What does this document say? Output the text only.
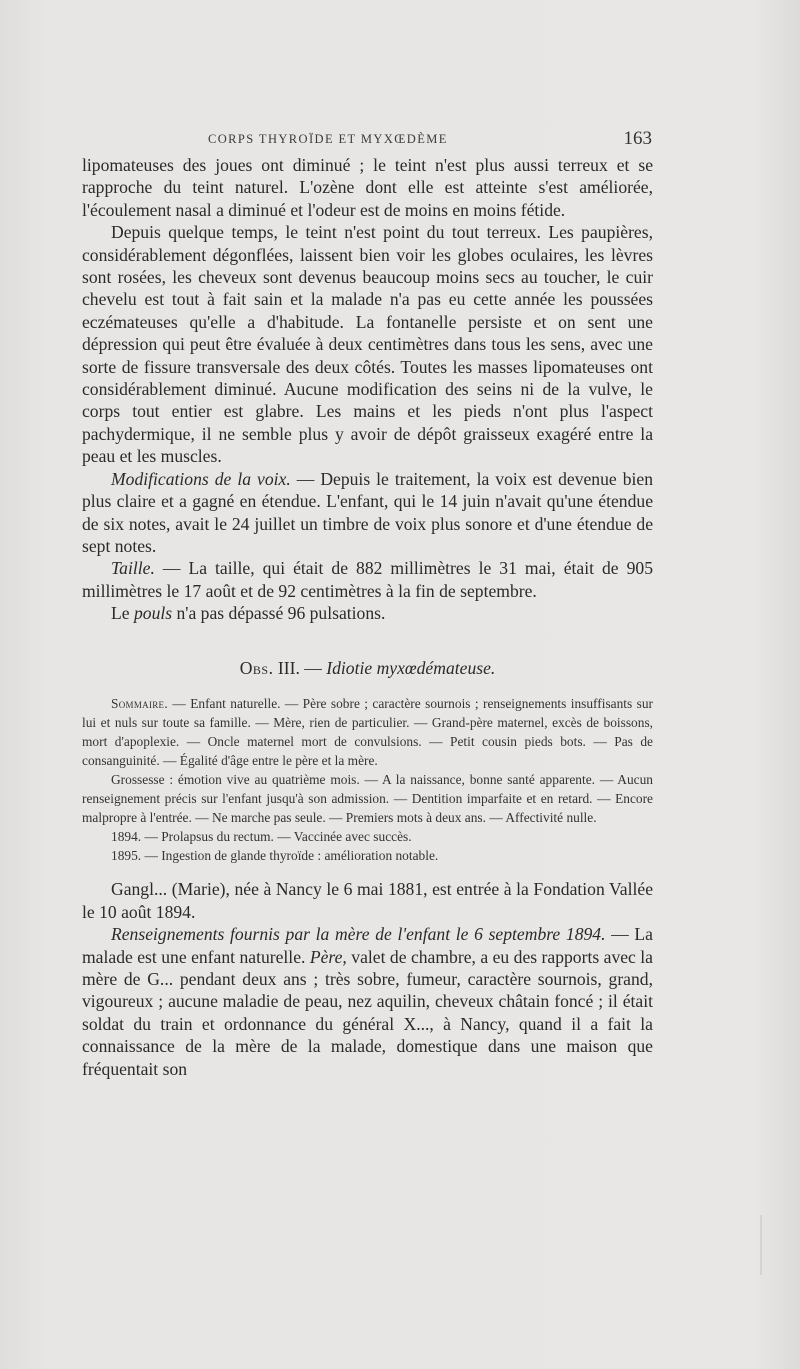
CORPS THYROÏDE ET MYXŒDÈME	163

lipomateuses des joues ont diminué ; le teint n'est plus aussi terreux et se rapproche du teint naturel. L'ozène dont elle est atteinte s'est améliorée, l'écoulement nasal a diminué et l'odeur est de moins en moins fétide.

Depuis quelque temps, le teint n'est point du tout terreux. Les paupières, considérablement dégonflées, laissent bien voir les globes oculaires, les lèvres sont rosées, les cheveux sont devenus beaucoup moins secs au toucher, le cuir chevelu est tout à fait sain et la malade n'a pas eu cette année les poussées eczémateuses qu'elle a d'habitude. La fontanelle persiste et on sent une dépression qui peut être évaluée à deux centimètres dans tous les sens, avec une sorte de fissure transversale des deux côtés. Toutes les masses lipomateuses ont considérablement diminué. Aucune modification des seins ni de la vulve, le corps tout entier est glabre. Les mains et les pieds n'ont plus l'aspect pachydermique, il ne semble plus y avoir de dépôt graisseux exagéré entre la peau et les muscles.

Modifications de la voix. — Depuis le traitement, la voix est devenue bien plus claire et a gagné en étendue. L'enfant, qui le 14 juin n'avait qu'une étendue de six notes, avait le 24 juillet un timbre de voix plus sonore et d'une étendue de sept notes.

Taille. — La taille, qui était de 882 millimètres le 31 mai, était de 905 millimètres le 17 août et de 92 centimètres à la fin de septembre.

Le pouls n'a pas dépassé 96 pulsations.

Obs. III. — Idiotie myxœdémateuse.

Sommaire. — Enfant naturelle. — Père sobre ; caractère sournois ; renseignements insuffisants sur lui et nuls sur toute sa famille. — Mère, rien de particulier. — Grand-père maternel, excès de boissons, mort d'apoplexie. — Oncle maternel mort de convulsions. — Petit cousin pieds bots. — Pas de consanguinité. — Égalité d'âge entre le père et la mère.

Grossesse : émotion vive au quatrième mois. — A la naissance, bonne santé apparente. — Aucun renseignement précis sur l'enfant jusqu'à son admission. — Dentition imparfaite et en retard. — Encore malpropre à l'entrée. — Ne marche pas seule. — Premiers mots à deux ans. — Affectivité nulle.

1894. — Prolapsus du rectum. — Vaccinée avec succès.

1895. — Ingestion de glande thyroïde : amélioration notable.

Gangl... (Marie), née à Nancy le 6 mai 1881, est entrée à la Fondation Vallée le 10 août 1894.

Renseignements fournis par la mère de l'enfant le 6 septembre 1894. — La malade est une enfant naturelle. Père, valet de chambre, a eu des rapports avec la mère de G... pendant deux ans ; très sobre, fumeur, caractère sournois, grand, vigoureux ; aucune maladie de peau, nez aquilin, cheveux châtain foncé ; il était soldat du train et ordonnance du général X..., à Nancy, quand il a fait la connaissance de la mère de la malade, domestique dans une maison que fréquentait son
